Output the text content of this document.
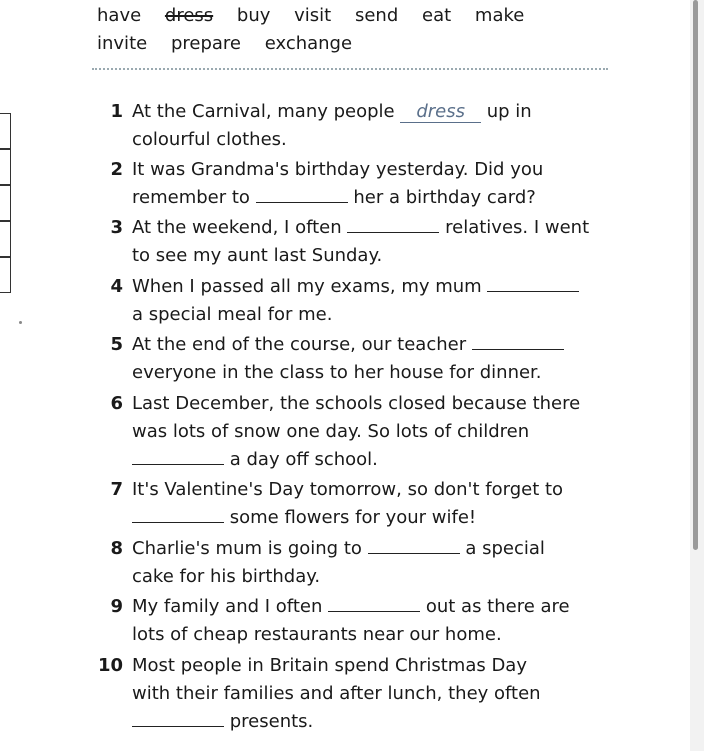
have dress buy visit send eat make
invite prepare exchange
1 At the Carnival, many people dress up in
colourful clothes.
2 It was Grandma's birthday yesterday. Did you
remember to	her a birthday card?
3 At the weekend, I often	relatives. I went
to see my aunt last Sunday.
4 When I passed all my exams, my mum
a special meal for me.
5 At the end of the course, our teacher
everyone in the class to her house for dinner.
6 Last December, the schools closed because there
was lots of snow one day. So lots of children
a day off school.
7 It's Valentine's Day tomorrow, so don't forget to
some flowers for your wife!
8 Charlie's mum is going to	a special
cake for his birthday.
9 My family and I often	out as there are
lots of cheap restaurants near our home.
10 Most people in Britain spend Christmas Day
with their families and after lunch, they often
presents.
